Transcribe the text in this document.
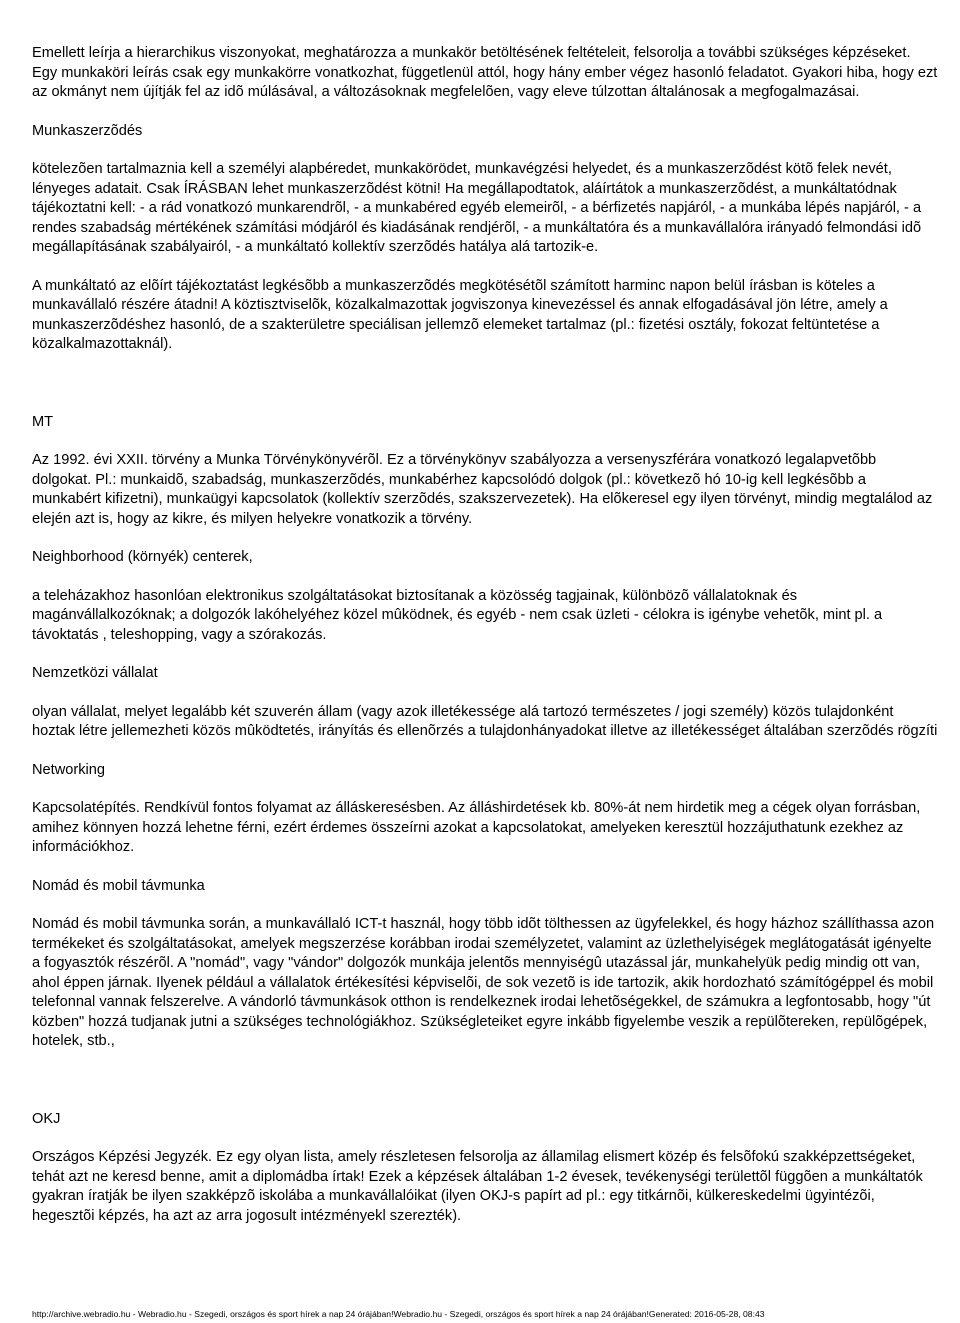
Emellett leírja a hierarchikus viszonyokat, meghatározza a munkakör betöltésének feltételeit, felsorolja a további szükséges képzéseket. Egy munkaköri leírás csak egy munkakörre vonatkozhat, függetlenül attól, hogy hány ember végez hasonló feladatot. Gyakori hiba, hogy ezt az okmányt nem újítják fel az idõ múlásával, a változásoknak megfelelõen, vagy eleve túlzottan általánosak a megfogalmazásai.

Munkaszerzõdés

kötelezõen tartalmaznia kell a személyi alapbéredet, munkakörödet, munkavégzési helyedet, és a munkaszerzõdést kötõ felek nevét, lényeges adatait. Csak ÍRÁSBAN lehet munkaszerzõdést kötni! Ha megállapodtatok, aláírtátok a munkaszerzõdést, a munkáltatódnak tájékoztatni kell: - a rád vonatkozó munkarendrõl, - a munkabéred egyéb elemeirõl, - a bérfizetés napjáról, - a munkába lépés napjáról, - a rendes szabadság mértékének számítási módjáról és kiadásának rendjérõl, - a munkáltatóra és a munkavállalóra irányadó felmondási idõ megállapításának szabályairól, - a munkáltató kollektív szerzõdés hatálya alá tartozik-e.

A munkáltató az elõírt tájékoztatást legkésõbb a munkaszerzõdés megkötésétõl számított harminc napon belül írásban is köteles a munkavállaló részére átadni! A köztisztviselõk, közalkalmazottak jogviszonya kinevezéssel és annak elfogadásával jön létre, amely a munkaszerzõdéshez hasonló, de a szakterületre speciálisan jellemzõ elemeket tartalmaz (pl.: fizetési osztály, fokozat feltüntetése a közalkalmazottaknál).

MT

Az 1992. évi XXII. törvény a Munka Törvénykönyvérõl. Ez a törvénykönyv szabályozza a versenyszférára vonatkozó legalapvetõbb dolgokat. Pl.: munkaidõ, szabadság, munkaszerzõdés, munkabérhez kapcsolódó dolgok (pl.: következõ hó 10-ig kell legkésõbb a munkabért kifizetni), munkaügyi kapcsolatok (kollektív szerzõdés, szakszervezetek). Ha elõkeresel egy ilyen törvényt, mindig megtalálod az elején azt is, hogy az kikre, és milyen helyekre vonatkozik a törvény.

Neighborhood (környék) centerek,

a teleházakhoz hasonlóan elektronikus szolgáltatásokat biztosítanak a közösség tagjainak, különbözõ vállalatoknak és magánvállalkozóknak; a dolgozók lakóhelyéhez közel mûködnek, és egyéb - nem csak üzleti - célokra is igénybe vehetõk, mint pl. a távoktatás , teleshopping, vagy a szórakozás.

Nemzetközi vállalat

olyan vállalat, melyet legalább két szuverén állam (vagy azok illetékessége alá tartozó természetes / jogi személy) közös tulajdonként hoztak létre jellemezheti közös mûködtetés, irányítás és ellenõrzés a tulajdonhányadokat illetve az illetékességet általában szerzõdés rögzíti

Networking

Kapcsolatépítés. Rendkívül fontos folyamat az álláskeresésben. Az álláshirdetések kb. 80%-át nem hirdetik meg a cégek olyan forrásban, amihez könnyen hozzá lehetne férni, ezért érdemes összeírni azokat a kapcsolatokat, amelyeken keresztül hozzájuthatunk ezekhez az információkhoz.

Nomád és mobil távmunka

Nomád és mobil távmunka során, a munkavállaló ICT-t használ, hogy több idõt tölthessen az ügyfelekkel, és hogy házhoz szállíthassa azon termékeket és szolgáltatásokat, amelyek megszerzése korábban irodai személyzetet, valamint az üzlethelyiségek meglátogatását igényelte a fogyasztók részérõl. A "nomád", vagy "vándor" dolgozók munkája jelentõs mennyiségû utazással jár, munkahelyük pedig mindig ott van, ahol éppen járnak. Ilyenek például a vállalatok értékesítési képviselõi, de sok vezetõ is ide tartozik, akik hordozható számítógéppel és mobil telefonnal vannak felszerelve. A vándorló távmunkások otthon is rendelkeznek irodai lehetõségekkel, de számukra a legfontosabb, hogy "út közben" hozzá tudjanak jutni a szükséges technológiákhoz. Szükségleteiket egyre inkább figyelembe veszik a repülõtereken, repülõgépek, hotelek, stb.,

OKJ

Országos Képzési Jegyzék. Ez egy olyan lista, amely részletesen felsorolja az államilag elismert közép és felsõfokú szakképzettségeket, tehát azt ne keresd benne, amit a diplomádba írtak! Ezek a képzések általában 1-2 évesek, tevékenységi területtõl függõen a munkáltatók gyakran íratják be ilyen szakképzõ iskolába a munkavállalóikat (ilyen OKJ-s papírt ad pl.: egy titkárnõi, külkereskedelmi ügyintézõi, hegesztõi képzés, ha azt az arra jogosult intézményekl szerezték).

http://archive.webradio.hu - Webradio.hu - Szegedi, országos és sport hírek a nap 24 órájában!Webradio.hu - Szegedi, országos és sport hírek a nap 24 órájában!Generated: 2016-05-28, 08:43
